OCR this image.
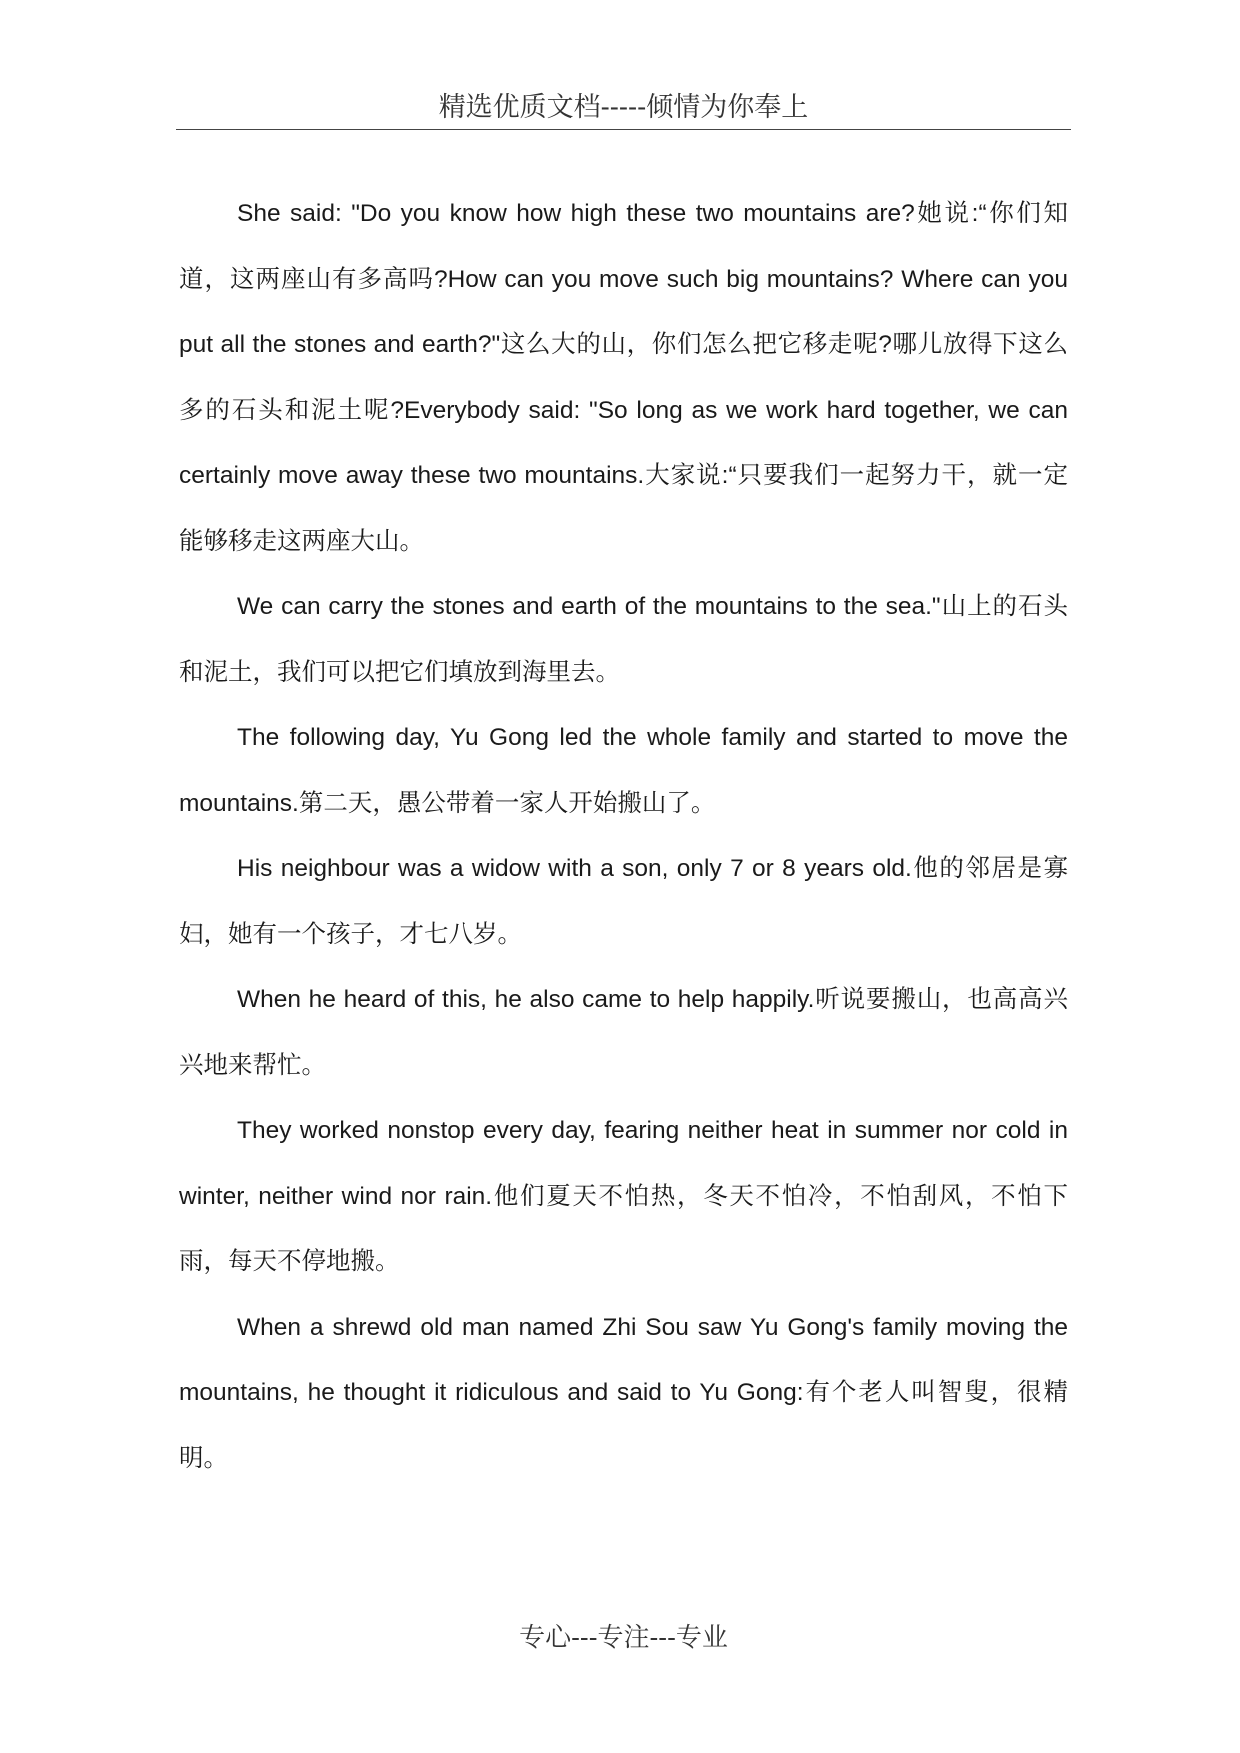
精选优质文档-----倾情为你奉上

She said: "Do you know how high these two mountains are?她说:“你们知道，这两座山有多高吗?How can you move such big mountains? Where can you put all the stones and earth?"这么大的山，你们怎么把它移走呢?哪儿放得下这么多的石头和泥土呢?Everybody said: "So long as we work hard together, we can certainly move away these two mountains.大家说:“只要我们一起努力干，就一定能够移走这两座大山。

We can carry the stones and earth of the mountains to the sea."山上的石头和泥土，我们可以把它们填放到海里去。

The following day, Yu Gong led the whole family and started to move the mountains.第二天，愚公带着一家人开始搬山了。

His neighbour was a widow with a son, only 7 or 8 years old.他的邻居是寡妇，她有一个孩子，才七八岁。

When he heard of this, he also came to help happily.听说要搬山，也高高兴兴地来帮忙。

They worked nonstop every day, fearing neither heat in summer nor cold in winter, neither wind nor rain.他们夏天不怕热，冬天不怕冷，不怕刮风，不怕下雨，每天不停地搬。

When a shrewd old man named Zhi Sou saw Yu Gong's family moving the mountains, he thought it ridiculous and said to Yu Gong:有个老人叫智叟，很精明。

专心---专注---专业
